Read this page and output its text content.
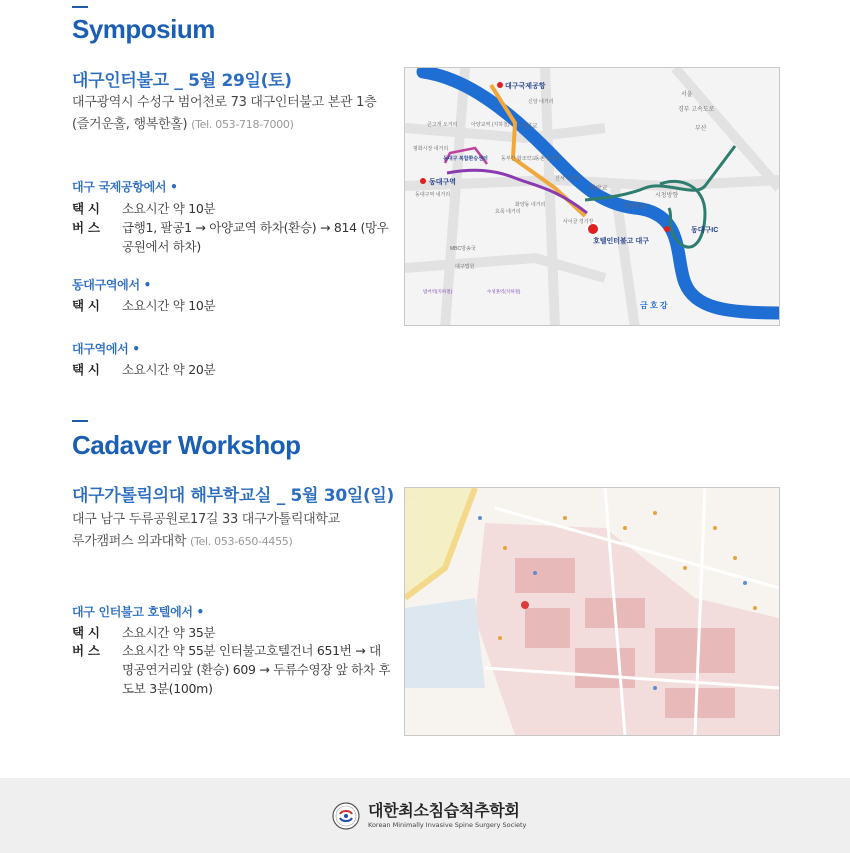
Symposium
대구인터불고 _ 5월 29일(토)
대구광역시 수성구 범어천로 73 대구인터불고 본관 1층
(즐거운홀, 행복한홀) (Tel. 053-718-7000)
대구 국제공항에서 •
택 시	소요시간 약 10분
버 스	급행1, 팔공1 → 아양교역 하차(환승) → 814 (망우
공원에서 하차)
동대구역에서 •
택 시	소요시간 약 10분
대구역에서 •
택 시	소요시간 약 20분
대구국제공항
호텔인터불고 대구
금 호 강
동대구IC
동대구역
동대구 복합환승센터
아양교역 (지하철)
서울
경부 고속도로
부산
화랑교
강촌마을
시청방향
아양교
동촌 유원지
MBC방송국
대구법원
범어역(지하철)	수성못역(지하철)
사이클 경기장
화양동 네거리
효목 네거리
신암 네거리
신서 네거리
동대구역 네거리
평화시장 네거리
큰고개 오거리
동부간 합조약교
Cadaver Workshop
대구가톨릭의대 해부학교실 _ 5월 30일(일)
대구 남구 두류공원로17길 33 대구가톨릭대학교
루가캠퍼스 의과대학 (Tel. 053-650-4455)
대구 인터불고 호텔에서 •
택 시	소요시간 약 35분
버 스	소요시간 약 55분 인터불고호텔건너 651번 → 대
명공연거리앞 (환승) 609 → 두류수영장 앞 하차 후
도보 3분(100m)
·
대한최소침습척추학회
Korean Minimally Invasive Spine Surgery Society
